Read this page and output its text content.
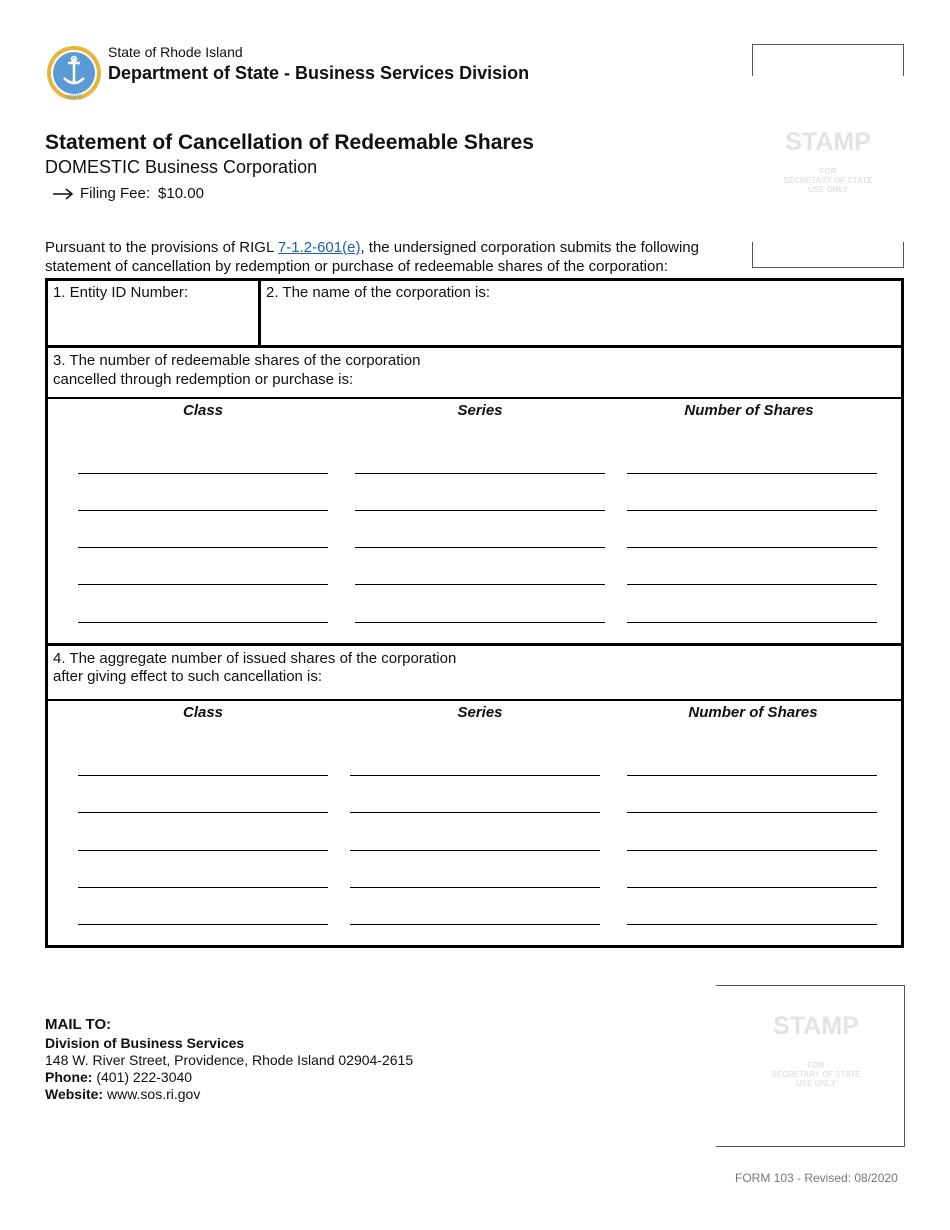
HOPE
State of Rhode Island
Department of State - Business Services Division
Statement of Cancellation of Redeemable Shares
DOMESTIC Business Corporation
Filing Fee: $10.00
STAMP
FOR
SECRETARY OF STATE
USE ONLY
Pursuant to the provisions of RIGL 7-1.2-601(e), the undersigned corporation submits the following statement of cancellation by redemption or purchase of redeemable shares of the corporation:
1. Entity ID Number:	2. The name of the corporation is:
3. The number of redeemable shares of the corporation
cancelled through redemption or purchase is:
Class	Series	Number of Shares
4. The aggregate number of issued shares of the corporation
after giving effect to such cancellation is:
Class	Series	Number of Shares
MAIL TO:
Division of Business Services
148 W. River Street, Providence, Rhode Island 02904-2615
Phone: (401) 222-3040
Website: www.sos.ri.gov
STAMP
FOR
SECRETARY OF STATE
USE ONLY
FORM 103 - Revised: 08/2020
